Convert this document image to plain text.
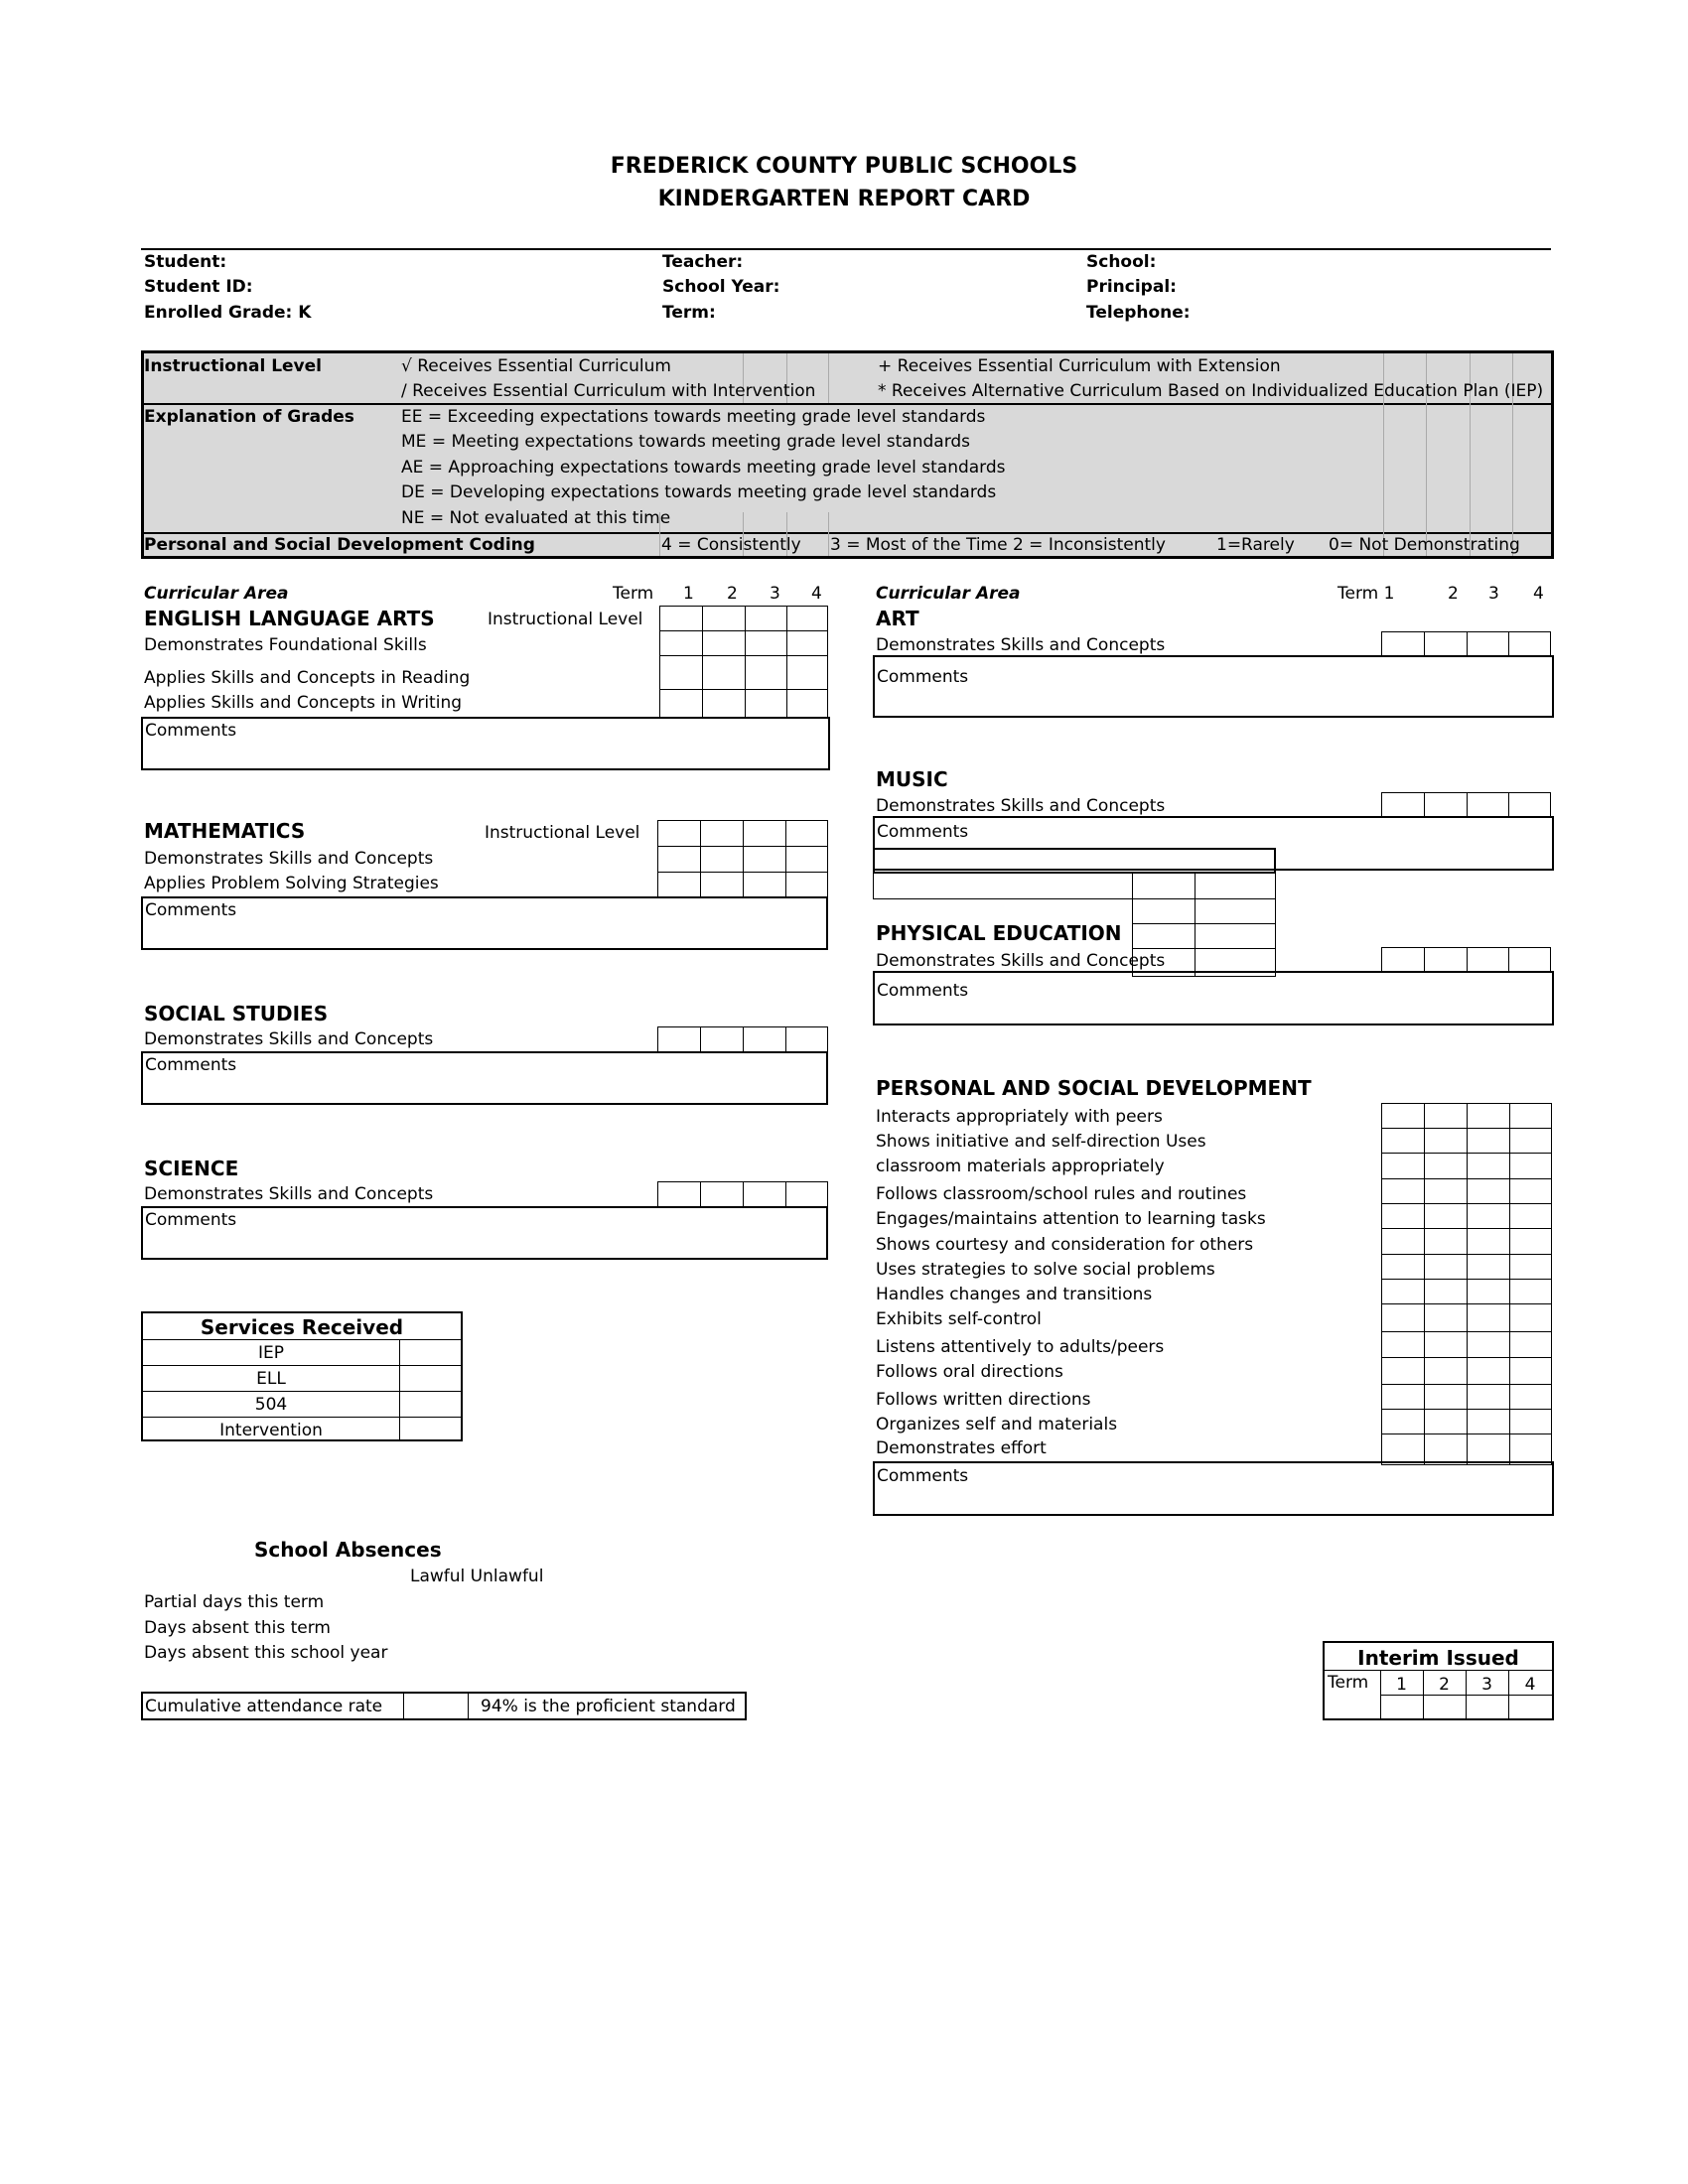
FREDERICK COUNTY PUBLIC SCHOOLS
KINDERGARTEN REPORT CARD
Student:
Student ID:
Enrolled Grade: K
Teacher:
School Year:
Term:
School:
Principal:
Telephone:
Instructional Level	√ Receives Essential Curriculum
/ Receives Essential Curriculum with Intervention
+ Receives Essential Curriculum with Extension
* Receives Alternative Curriculum Based on Individualized Education Plan (IEP)
Explanation of Grades	EE = Exceeding expectations towards meeting grade level standards
ME = Meeting expectations towards meeting grade level standards
AE = Approaching expectations towards meeting grade level standards
DE = Developing expectations towards meeting grade level standards
NE = Not evaluated at this time
Personal and Social Development Coding	4 = Consistently 3 = Most of the Time 2 = Inconsistently	1=Rarely 0= Not Demonstrating
Curricular Area	Term 1 2 3 4
ENGLISH LANGUAGE ARTS	Instructional Level
Demonstrates Foundational Skills
Applies Skills and Concepts in Reading
Applies Skills and Concepts in Writing
Comments
MATHEMATICS	Instructional Level
Demonstrates Skills and Concepts
Applies Problem Solving Strategies
Comments
SOCIAL STUDIES
Demonstrates Skills and Concepts
Comments
SCIENCE
Demonstrates Skills and Concepts
Comments
Services Received
IEP
ELL
504
Intervention
School Absences
Lawful Unlawful
Partial days this term
Days absent this term
Days absent this school year
Cumulative attendance rate	94% is the proficient standard
Curricular Area	Term 1	2 3 4
ART
Demonstrates Skills and Concepts
Comments
MUSIC
Demonstrates Skills and Concepts
Comments
PHYSICAL EDUCATION
Demonstrates Skills and Concepts
Comments
PERSONAL AND SOCIAL DEVELOPMENT
Interacts appropriately with peers
Shows initiative and self-direction Uses
classroom materials appropriately
Follows classroom/school rules and routines
Engages/maintains attention to learning tasks
Shows courtesy and consideration for others
Uses strategies to solve social problems
Handles changes and transitions
Exhibits self-control
Listens attentively to adults/peers
Follows oral directions
Follows written directions
Organizes self and materials
Demonstrates effort
Comments
Interim Issued
Term	1	2	3	4
